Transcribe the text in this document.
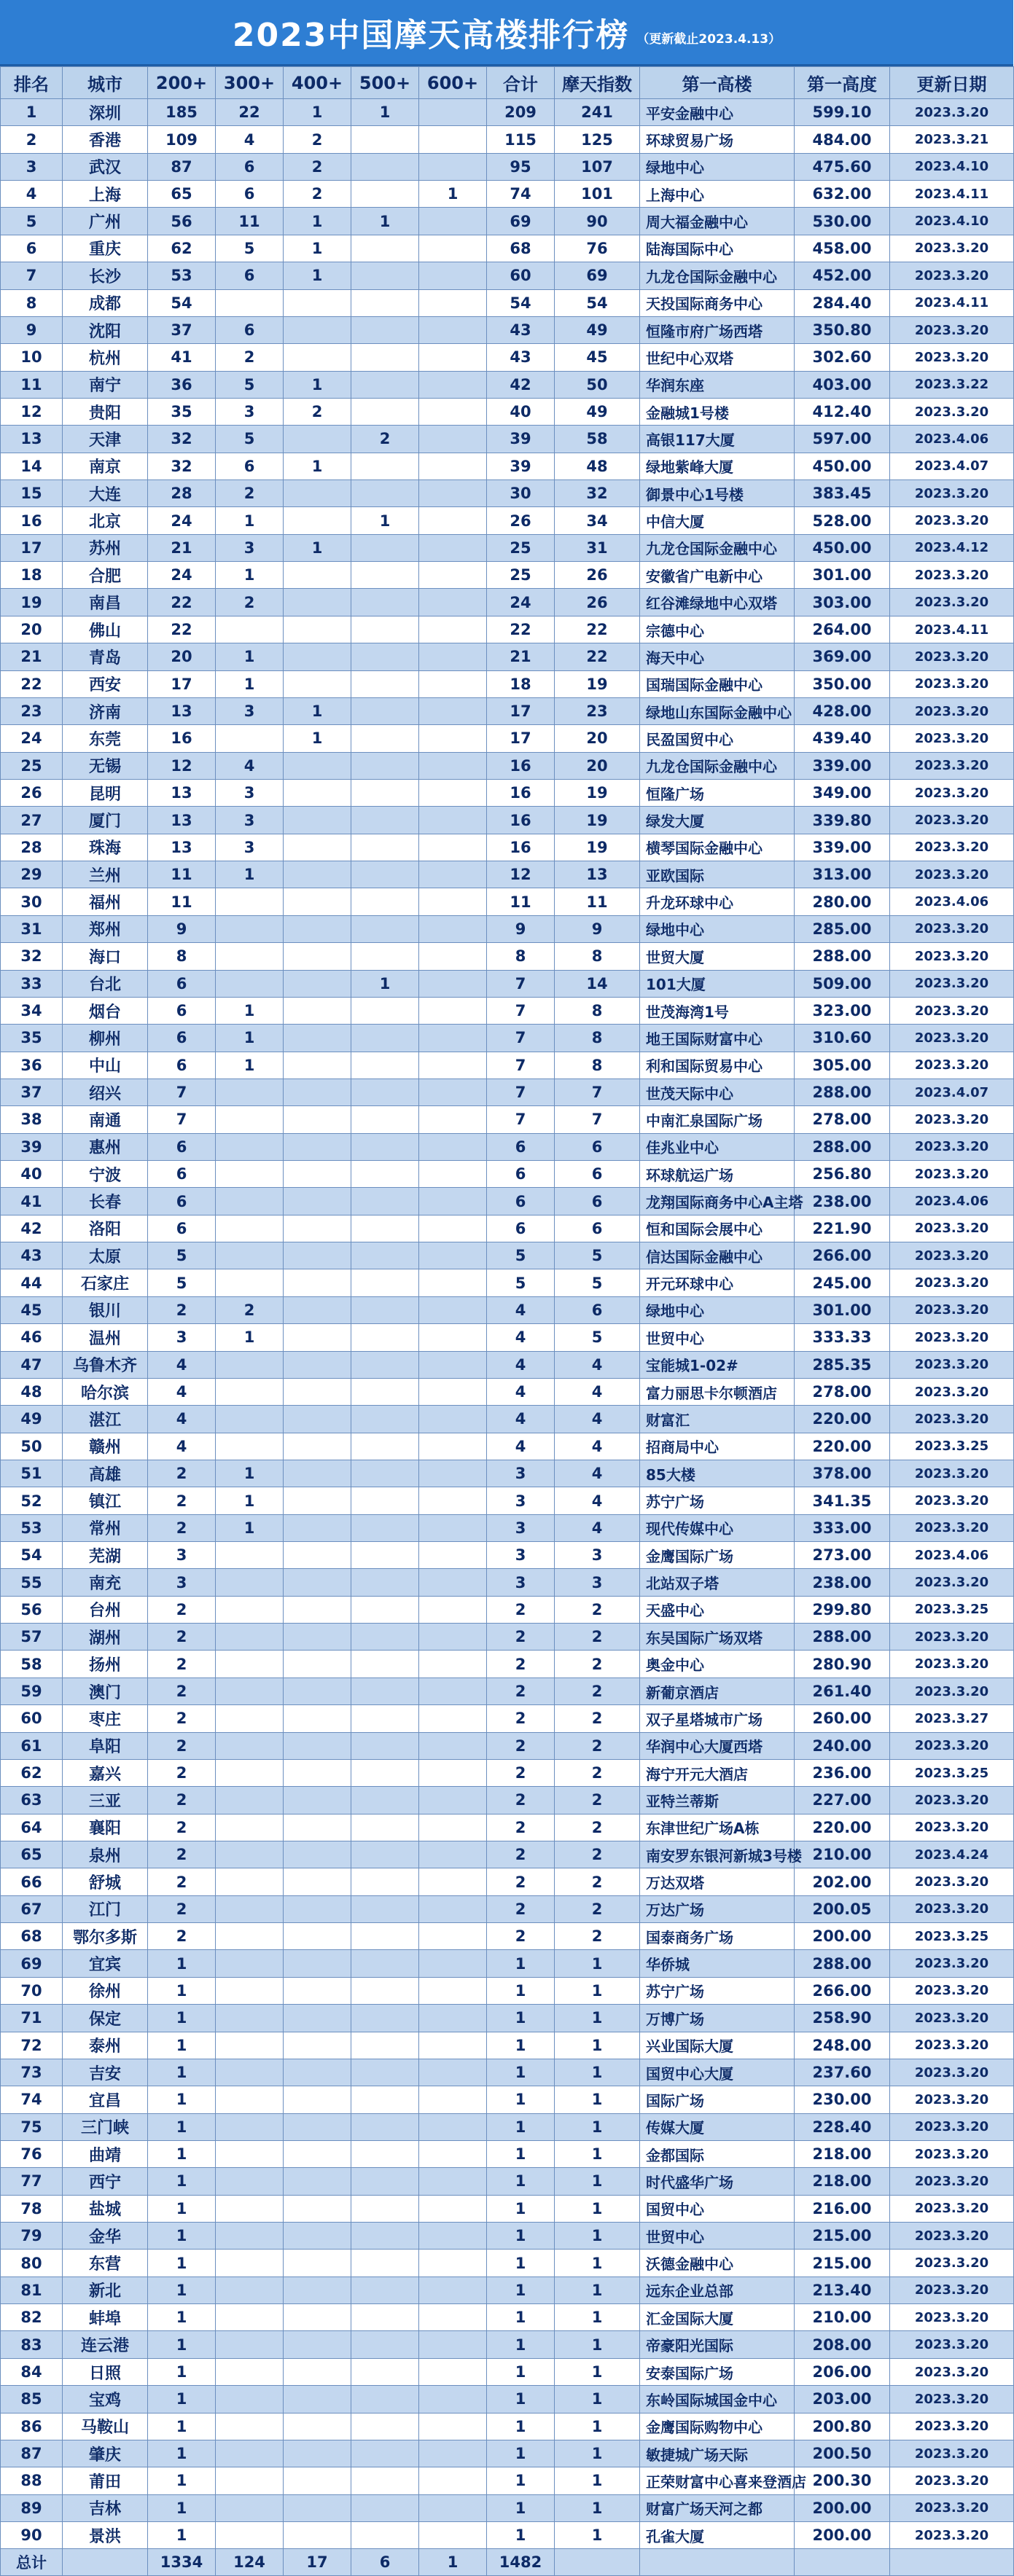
2023中国摩天高楼排行榜 （更新截止2023.4.13）
排名	城市	200+	300+	400+	500+	600+	合计	摩天指数	第一高楼	第一高度	更新日期
1	深圳	185	22	1	1		209	241	平安金融中心	599.10	2023.3.20
2	香港	109	4	2			115	125	环球贸易广场	484.00	2023.3.21
3	武汉	87	6	2			95	107	绿地中心	475.60	2023.4.10
4	上海	65	6	2		1	74	101	上海中心	632.00	2023.4.11
5	广州	56	11	1	1		69	90	周大福金融中心	530.00	2023.4.10
6	重庆	62	5	1			68	76	陆海国际中心	458.00	2023.3.20
7	长沙	53	6	1			60	69	九龙仓国际金融中心	452.00	2023.3.20
8	成都	54					54	54	天投国际商务中心	284.40	2023.4.11
9	沈阳	37	6				43	49	恒隆市府广场西塔	350.80	2023.3.20
10	杭州	41	2				43	45	世纪中心双塔	302.60	2023.3.20
11	南宁	36	5	1			42	50	华润东座	403.00	2023.3.22
12	贵阳	35	3	2			40	49	金融城1号楼	412.40	2023.3.20
13	天津	32	5		2		39	58	高银117大厦	597.00	2023.4.06
14	南京	32	6	1			39	48	绿地紫峰大厦	450.00	2023.4.07
15	大连	28	2				30	32	御景中心1号楼	383.45	2023.3.20
16	北京	24	1		1		26	34	中信大厦	528.00	2023.3.20
17	苏州	21	3	1			25	31	九龙仓国际金融中心	450.00	2023.4.12
18	合肥	24	1				25	26	安徽省广电新中心	301.00	2023.3.20
19	南昌	22	2				24	26	红谷滩绿地中心双塔	303.00	2023.3.20
20	佛山	22					22	22	宗德中心	264.00	2023.4.11
21	青岛	20	1				21	22	海天中心	369.00	2023.3.20
22	西安	17	1				18	19	国瑞国际金融中心	350.00	2023.3.20
23	济南	13	3	1			17	23	绿地山东国际金融中心	428.00	2023.3.20
24	东莞	16		1			17	20	民盈国贸中心	439.40	2023.3.20
25	无锡	12	4				16	20	九龙仓国际金融中心	339.00	2023.3.20
26	昆明	13	3				16	19	恒隆广场	349.00	2023.3.20
27	厦门	13	3				16	19	绿发大厦	339.80	2023.3.20
28	珠海	13	3				16	19	横琴国际金融中心	339.00	2023.3.20
29	兰州	11	1				12	13	亚欧国际	313.00	2023.3.20
30	福州	11					11	11	升龙环球中心	280.00	2023.4.06
31	郑州	9					9	9	绿地中心	285.00	2023.3.20
32	海口	8					8	8	世贸大厦	288.00	2023.3.20
33	台北	6			1		7	14	101大厦	509.00	2023.3.20
34	烟台	6	1				7	8	世茂海湾1号	323.00	2023.3.20
35	柳州	6	1				7	8	地王国际财富中心	310.60	2023.3.20
36	中山	6	1				7	8	利和国际贸易中心	305.00	2023.3.20
37	绍兴	7					7	7	世茂天际中心	288.00	2023.4.07
38	南通	7					7	7	中南汇泉国际广场	278.00	2023.3.20
39	惠州	6					6	6	佳兆业中心	288.00	2023.3.20
40	宁波	6					6	6	环球航运广场	256.80	2023.3.20
41	长春	6					6	6	龙翔国际商务中心A主塔	238.00	2023.4.06
42	洛阳	6					6	6	恒和国际会展中心	221.90	2023.3.20
43	太原	5					5	5	信达国际金融中心	266.00	2023.3.20
44	石家庄	5					5	5	开元环球中心	245.00	2023.3.20
45	银川	2	2				4	6	绿地中心	301.00	2023.3.20
46	温州	3	1				4	5	世贸中心	333.33	2023.3.20
47	乌鲁木齐	4					4	4	宝能城1-02#	285.35	2023.3.20
48	哈尔滨	4					4	4	富力丽思卡尔顿酒店	278.00	2023.3.20
49	湛江	4					4	4	财富汇	220.00	2023.3.20
50	赣州	4					4	4	招商局中心	220.00	2023.3.25
51	高雄	2	1				3	4	85大楼	378.00	2023.3.20
52	镇江	2	1				3	4	苏宁广场	341.35	2023.3.20
53	常州	2	1				3	4	现代传媒中心	333.00	2023.3.20
54	芜湖	3					3	3	金鹰国际广场	273.00	2023.4.06
55	南充	3					3	3	北站双子塔	238.00	2023.3.20
56	台州	2					2	2	天盛中心	299.80	2023.3.25
57	湖州	2					2	2	东吴国际广场双塔	288.00	2023.3.20
58	扬州	2					2	2	奥金中心	280.90	2023.3.20
59	澳门	2					2	2	新葡京酒店	261.40	2023.3.20
60	枣庄	2					2	2	双子星塔城市广场	260.00	2023.3.27
61	阜阳	2					2	2	华润中心大厦西塔	240.00	2023.3.20
62	嘉兴	2					2	2	海宁开元大酒店	236.00	2023.3.25
63	三亚	2					2	2	亚特兰蒂斯	227.00	2023.3.20
64	襄阳	2					2	2	东津世纪广场A栋	220.00	2023.3.20
65	泉州	2					2	2	南安罗东银河新城3号楼	210.00	2023.4.24
66	舒城	2					2	2	万达双塔	202.00	2023.3.20
67	江门	2					2	2	万达广场	200.05	2023.3.20
68	鄂尔多斯	2					2	2	国泰商务广场	200.00	2023.3.25
69	宜宾	1					1	1	华侨城	288.00	2023.3.20
70	徐州	1					1	1	苏宁广场	266.00	2023.3.20
71	保定	1					1	1	万博广场	258.90	2023.3.20
72	泰州	1					1	1	兴业国际大厦	248.00	2023.3.20
73	吉安	1					1	1	国贸中心大厦	237.60	2023.3.20
74	宜昌	1					1	1	国际广场	230.00	2023.3.20
75	三门峡	1					1	1	传媒大厦	228.40	2023.3.20
76	曲靖	1					1	1	金都国际	218.00	2023.3.20
77	西宁	1					1	1	时代盛华广场	218.00	2023.3.20
78	盐城	1					1	1	国贸中心	216.00	2023.3.20
79	金华	1					1	1	世贸中心	215.00	2023.3.20
80	东营	1					1	1	沃德金融中心	215.00	2023.3.20
81	新北	1					1	1	远东企业总部	213.40	2023.3.20
82	蚌埠	1					1	1	汇金国际大厦	210.00	2023.3.20
83	连云港	1					1	1	帝豪阳光国际	208.00	2023.3.20
84	日照	1					1	1	安泰国际广场	206.00	2023.3.20
85	宝鸡	1					1	1	东岭国际城国金中心	203.00	2023.3.20
86	马鞍山	1					1	1	金鹰国际购物中心	200.80	2023.3.20
87	肇庆	1					1	1	敏捷城广场天际	200.50	2023.3.20
88	莆田	1					1	1	正荣财富中心喜来登酒店	200.30	2023.3.20
89	吉林	1					1	1	财富广场天河之都	200.00	2023.3.20
90	景洪	1					1	1	孔雀大厦	200.00	2023.3.20
总计		1334	124	17	6	1	1482				
